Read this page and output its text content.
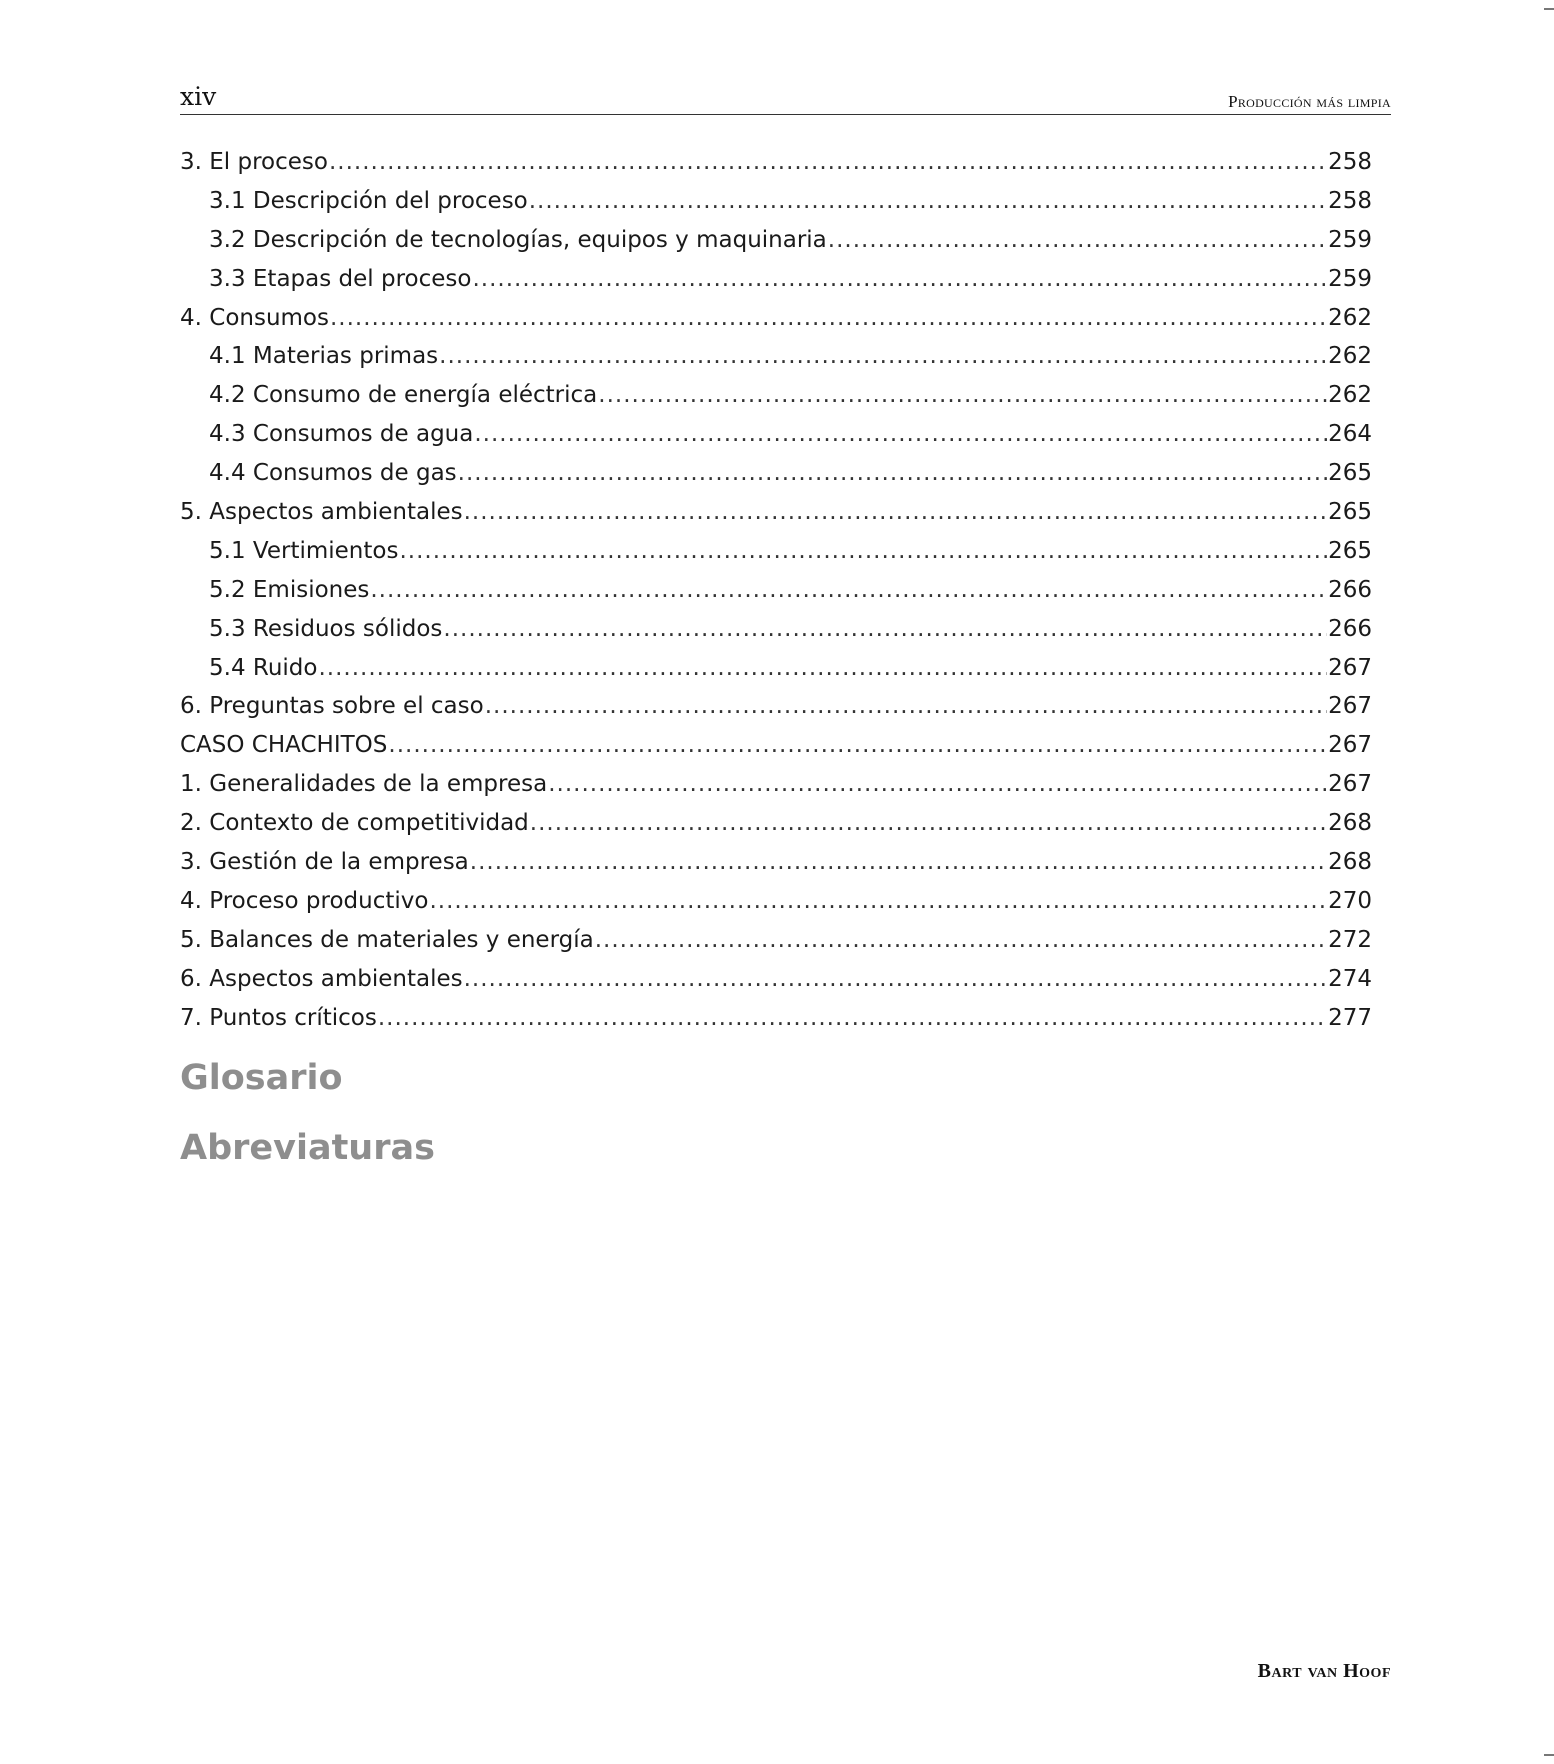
xiv	Producción más limpia
3. El proceso .....	258
3.1 Descripción del proceso .....	258
3.2 Descripción de tecnologías, equipos y maquinaria .....	259
3.3 Etapas del proceso .....	259
4. Consumos .....	262
4.1 Materias primas .....	262
4.2 Consumo de energía eléctrica .....	262
4.3 Consumos de agua .....	264
4.4 Consumos de gas .....	265
5. Aspectos ambientales .....	265
5.1 Vertimientos .....	265
5.2 Emisiones .....	266
5.3 Residuos sólidos .....	266
5.4 Ruido .....	267
6. Preguntas sobre el caso .....	267
CASO CHACHITOS .....	267
1. Generalidades de la empresa .....	267
2. Contexto de competitividad .....	268
3. Gestión de la empresa .....	268
4. Proceso productivo .....	270
5. Balances de materiales y energía .....	272
6. Aspectos ambientales .....	274
7. Puntos críticos .....	277
Glosario
Abreviaturas
Bart van Hoof
